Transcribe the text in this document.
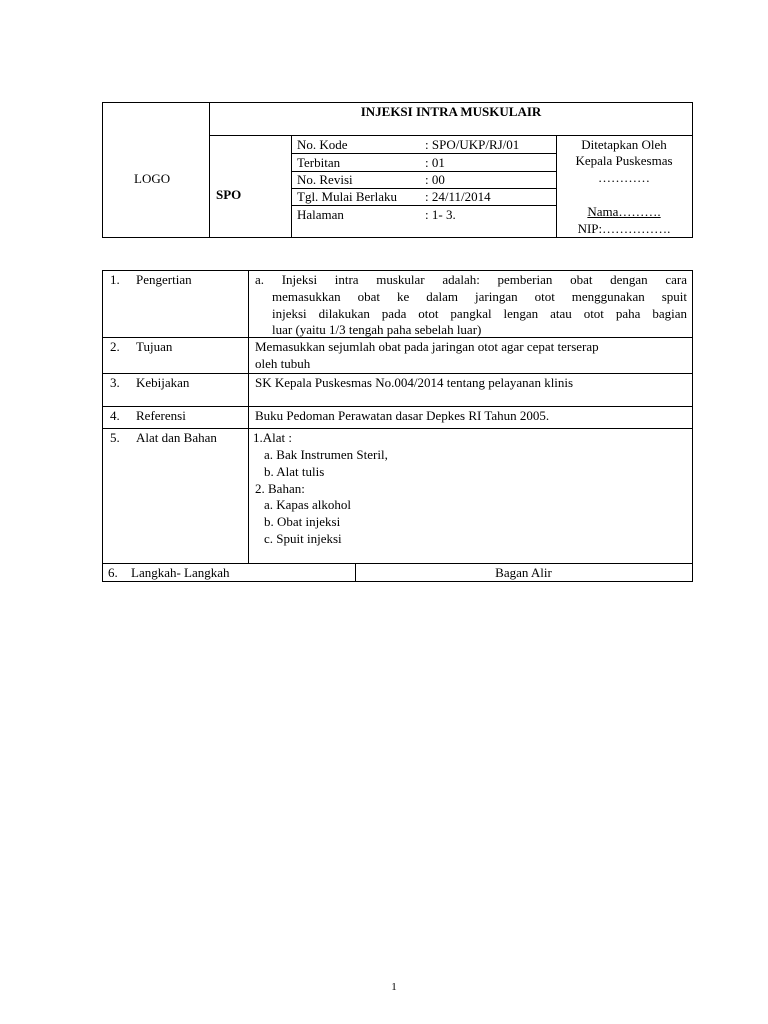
LOGO
INJEKSI INTRA MUSKULAIR
SPO
No. Kode	: SPO/UKP/RJ/01
Terbitan	: 01
No. Revisi	: 00
Tgl. Mulai Berlaku : 24/11/2014
Halaman	: 1- 3.
Ditetapkan Oleh
Kepala Puskesmas
…………
Nama……….
NIP:…………….
1. Pengertian	a. Injeksi intra muskular adalah: pemberian obat dengan cara
memasukkan obat ke dalam jaringan otot menggunakan spuit
injeksi dilakukan pada otot pangkal lengan atau otot paha bagian
luar (yaitu 1/3 tengah paha sebelah luar)
2. Tujuan	Memasukkan sejumlah obat pada jaringan otot agar cepat terserap
oleh tubuh
3. Kebijakan	SK Kepala Puskesmas No.004/2014 tentang pelayanan klinis
4. Referensi	Buku Pedoman Perawatan dasar Depkes RI Tahun 2005.
5. Alat dan Bahan	1.Alat :
a. Bak Instrumen Steril,
b. Alat tulis
2. Bahan:
a. Kapas alkohol
b. Obat injeksi
c. Spuit injeksi
6. Langkah- Langkah	Bagan Alir
1
